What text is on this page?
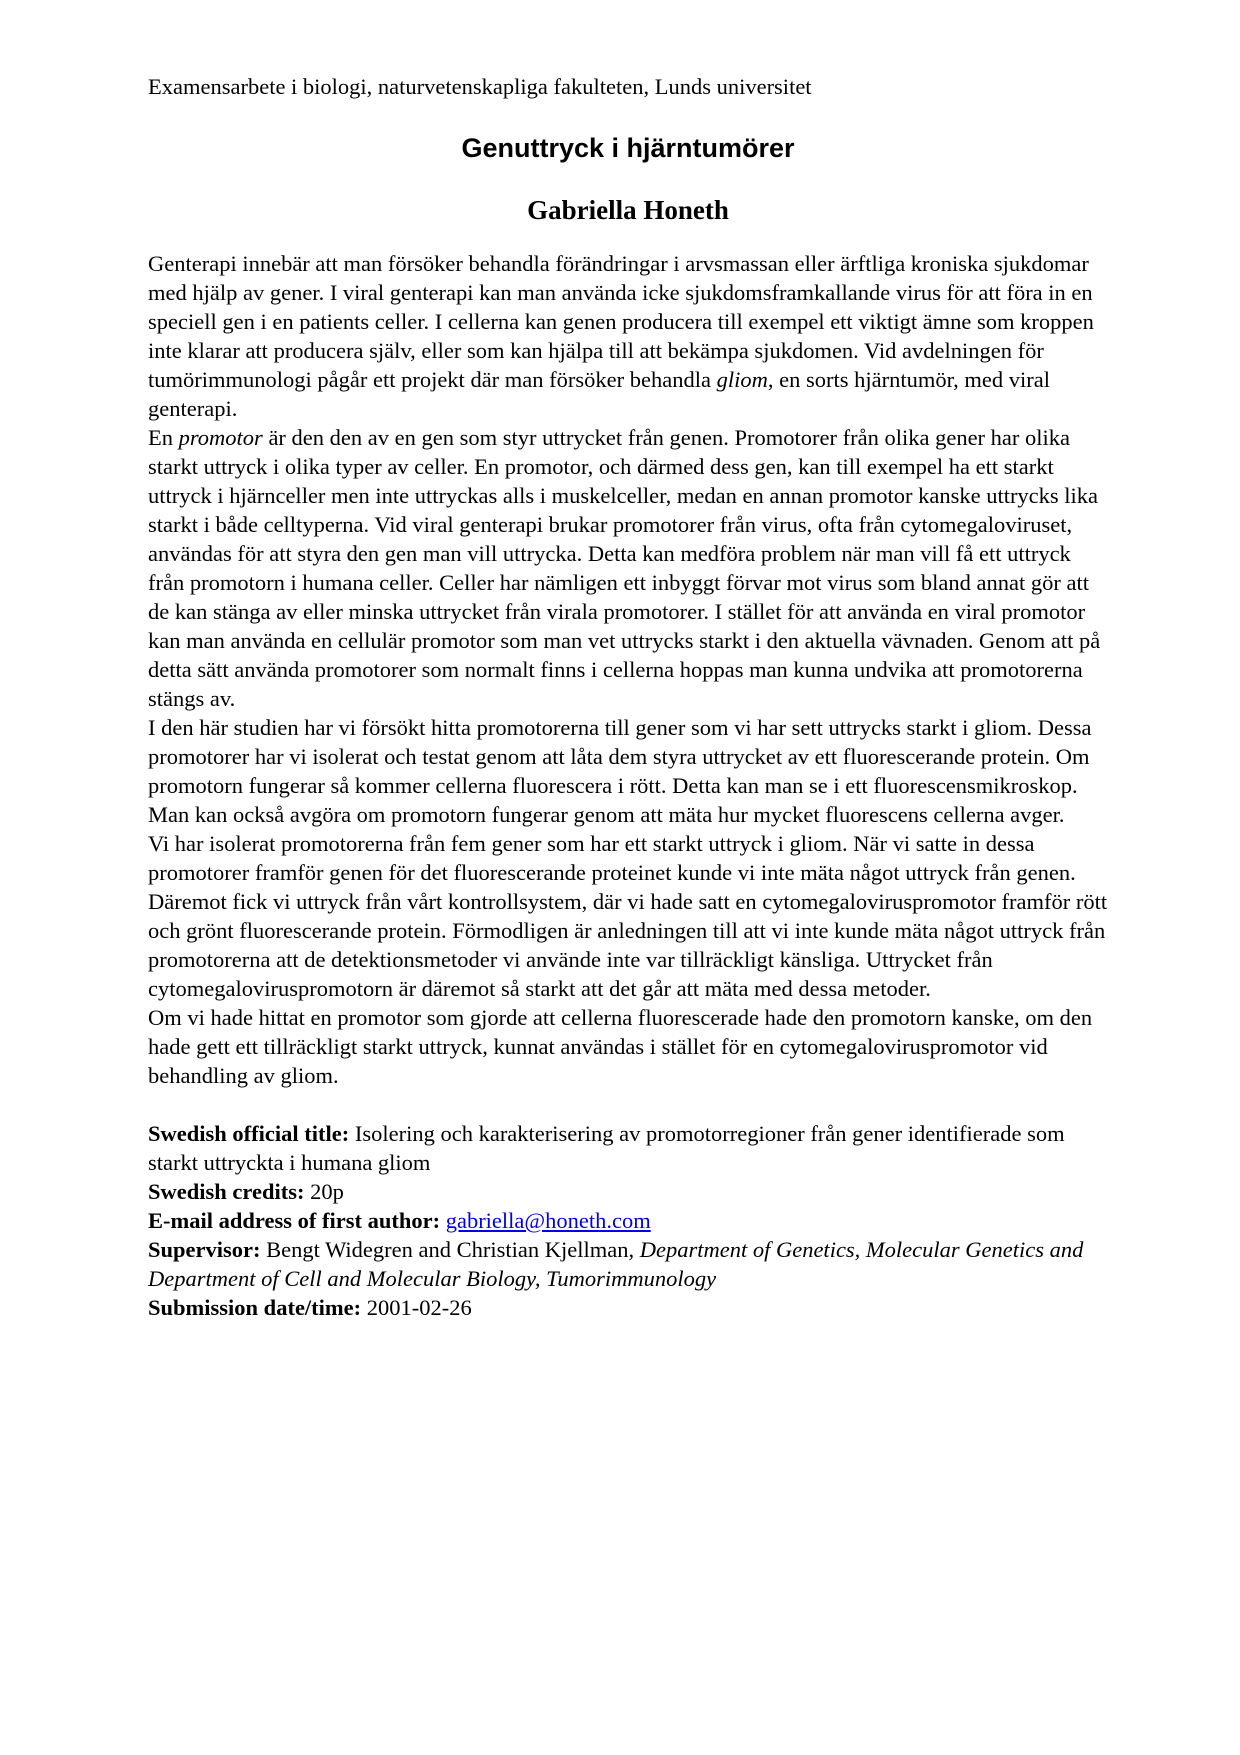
Examensarbete i biologi, naturvetenskapliga fakulteten, Lunds universitet

Genuttryck i hjärntumörer
Gabriella Honeth

Genterapi innebär att man försöker behandla förändringar i arvsmassan eller ärftliga kroniska sjukdomar med hjälp av gener. I viral genterapi kan man använda icke sjukdomsframkallande virus för att föra in en speciell gen i en patients celler. I cellerna kan genen producera till exempel ett viktigt ämne som kroppen inte klarar att producera själv, eller som kan hjälpa till att bekämpa sjukdomen. Vid avdelningen för tumörimmunologi pågår ett projekt där man försöker behandla gliom, en sorts hjärntumör, med viral genterapi.

En promotor är den den av en gen som styr uttrycket från genen. Promotorer från olika gener har olika starkt uttryck i olika typer av celler. En promotor, och därmed dess gen, kan till exempel ha ett starkt uttryck i hjärnceller men inte uttryckas alls i muskelceller, medan en annan promotor kanske uttrycks lika starkt i både celltyperna. Vid viral genterapi brukar promotorer från virus, ofta från cytomegaloviruset, användas för att styra den gen man vill uttrycka. Detta kan medföra problem när man vill få ett uttryck från promotorn i humana celler. Celler har nämligen ett inbyggt förvar mot virus som bland annat gör att de kan stänga av eller minska uttrycket från virala promotorer. I stället för att använda en viral promotor kan man använda en cellulär promotor som man vet uttrycks starkt i den aktuella vävnaden. Genom att på detta sätt använda promotorer som normalt finns i cellerna hoppas man kunna undvika att promotorerna stängs av.

I den här studien har vi försökt hitta promotorerna till gener som vi har sett uttrycks starkt i gliom. Dessa promotorer har vi isolerat och testat genom att låta dem styra uttrycket av ett fluorescerande protein. Om promotorn fungerar så kommer cellerna fluorescera i rött. Detta kan man se i ett fluorescensmikroskop. Man kan också avgöra om promotorn fungerar genom att mäta hur mycket fluorescens cellerna avger.

Vi har isolerat promotorerna från fem gener som har ett starkt uttryck i gliom. När vi satte in dessa promotorer framför genen för det fluorescerande proteinet kunde vi inte mäta något uttryck från genen. Däremot fick vi uttryck från vårt kontrollsystem, där vi hade satt en cytomegaloviruspromotor framför rött och grönt fluorescerande protein. Förmodligen är anledningen till att vi inte kunde mäta något uttryck från promotorerna att de detektionsmetoder vi använde inte var tillräckligt känsliga. Uttrycket från cytomegaloviruspromotorn är däremot så starkt att det går att mäta med dessa metoder.

Om vi hade hittat en promotor som gjorde att cellerna fluorescerade hade den promotorn kanske, om den hade gett ett tillräckligt starkt uttryck, kunnat användas i stället för en cytomegaloviruspromotor vid behandling av gliom.

Swedish official title: Isolering och karakterisering av promotorregioner från gener identifierade som starkt uttryckta i humana gliom

Swedish credits: 20p

E-mail address of first author: gabriella@honeth.com

Supervisor: Bengt Widegren and Christian Kjellman, Department of Genetics, Molecular Genetics and Department of Cell and Molecular Biology, Tumorimmunology

Submission date/time: 2001-02-26
